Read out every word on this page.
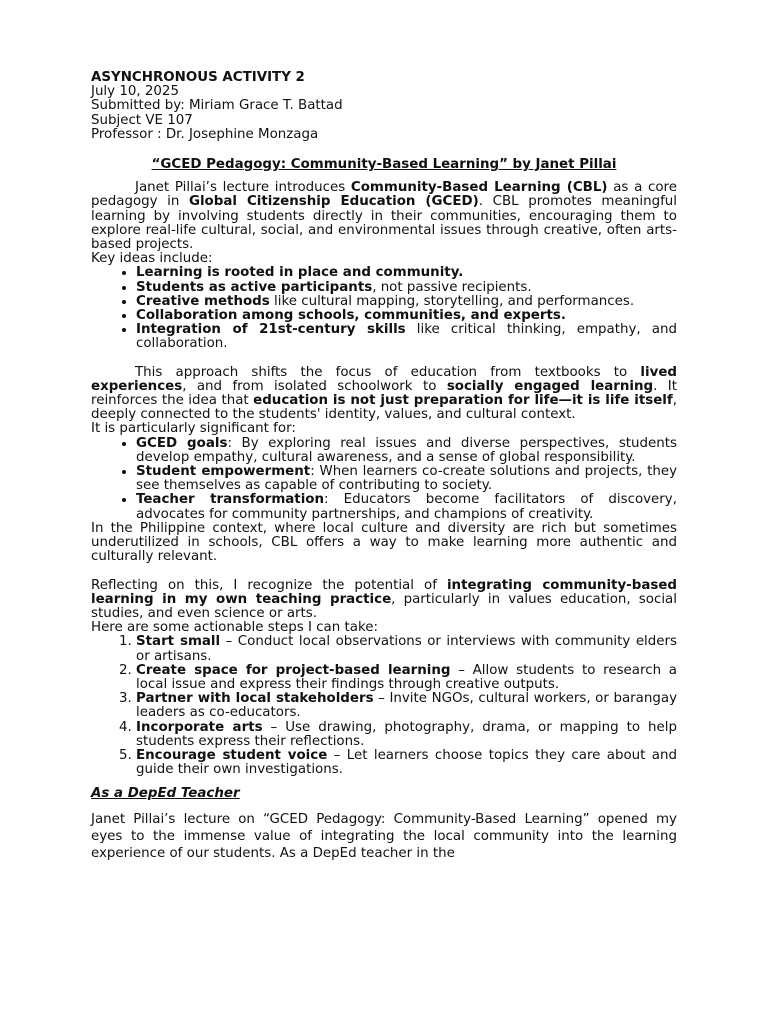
ASYNCHRONOUS ACTIVITY 2
July 10, 2025
Submitted by: Miriam Grace T. Battad
Subject VE 107
Professor : Dr. Josephine Monzaga
“GCED Pedagogy: Community-Based Learning” by Janet Pillai

Janet Pillai’s lecture introduces Community-Based Learning (CBL) as a core pedagogy in Global Citizenship Education (GCED). CBL promotes meaningful learning by involving students directly in their communities, encouraging them to explore real-life cultural, social, and environmental issues through creative, often arts-based projects.

Key ideas include:
• Learning is rooted in place and community.
• Students as active participants, not passive recipients.
• Creative methods like cultural mapping, storytelling, and performances.
• Collaboration among schools, communities, and experts.
• Integration of 21st-century skills like critical thinking, empathy, and collaboration.

This approach shifts the focus of education from textbooks to lived experiences, and from isolated schoolwork to socially engaged learning. It reinforces the idea that education is not just preparation for life—it is life itself, deeply connected to the students' identity, values, and cultural context.

It is particularly significant for:
• GCED goals: By exploring real issues and diverse perspectives, students develop empathy, cultural awareness, and a sense of global responsibility.
• Student empowerment: When learners co-create solutions and projects, they see themselves as capable of contributing to society.
• Teacher transformation: Educators become facilitators of discovery, advocates for community partnerships, and champions of creativity.

In the Philippine context, where local culture and diversity are rich but sometimes underutilized in schools, CBL offers a way to make learning more authentic and culturally relevant.

Reflecting on this, I recognize the potential of integrating community-based learning in my own teaching practice, particularly in values education, social studies, and even science or arts.

Here are some actionable steps I can take:
1. Start small – Conduct local observations or interviews with community elders or artisans.
2. Create space for project-based learning – Allow students to research a local issue and express their findings through creative outputs.
3. Partner with local stakeholders – Invite NGOs, cultural workers, or barangay leaders as co-educators.
4. Incorporate arts – Use drawing, photography, drama, or mapping to help students express their reflections.
5. Encourage student voice – Let learners choose topics they care about and guide their own investigations.
As a DepEd Teacher

Janet Pillai’s lecture on “GCED Pedagogy: Community-Based Learning” opened my eyes to the immense value of integrating the local community into the learning experience of our students. As a DepEd teacher in the
